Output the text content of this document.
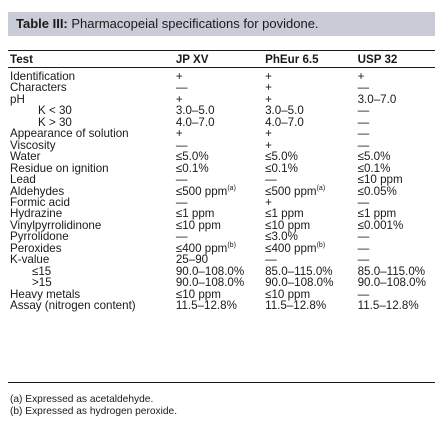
Table III: Pharmacopeial specifications for povidone.
Test	JP XV	PhEur 6.5	USP 32

Identification	+	+	+
Characters	—	+	—
pH	+	+	3.0–7.0
K < 30	3.0–5.0	3.0–5.0	—
K > 30	4.0–7.0	4.0–7.0	—
Appearance of solution	+	+	—
Viscosity	—	+	—
Water	≤5.0%	≤5.0%	≤5.0%
Residue on ignition	≤0.1%	≤0.1%	≤0.1%
Lead	—	—	≤10 ppm
Aldehydes	≤500 ppm$^{(a)}$	≤500 ppm$^{(a)}$	≤0.05%
Formic acid	—	+	—
Hydrazine	≤1 ppm	≤1 ppm	≤1 ppm
Vinylpyrrolidinone	≤10 ppm	≤10 ppm	≤0.001%
Pyrrolidone	—	≤3.0%	—
Peroxides	≤400 ppm$^{(b)}$	≤400 ppm$^{(b)}$	—
K-value	25–90	—	—
≤15	90.0–108.0%	85.0–115.0%	85.0–115.0%
>15	90.0–108.0%	90.0–108.0%	90.0–108.0%
Heavy metals	≤10 ppm	≤10 ppm	—
Assay (nitrogen content)	11.5–12.8%	11.5–12.8%	11.5–12.8%
(a) Expressed as acetaldehyde.
(b) Expressed as hydrogen peroxide.
